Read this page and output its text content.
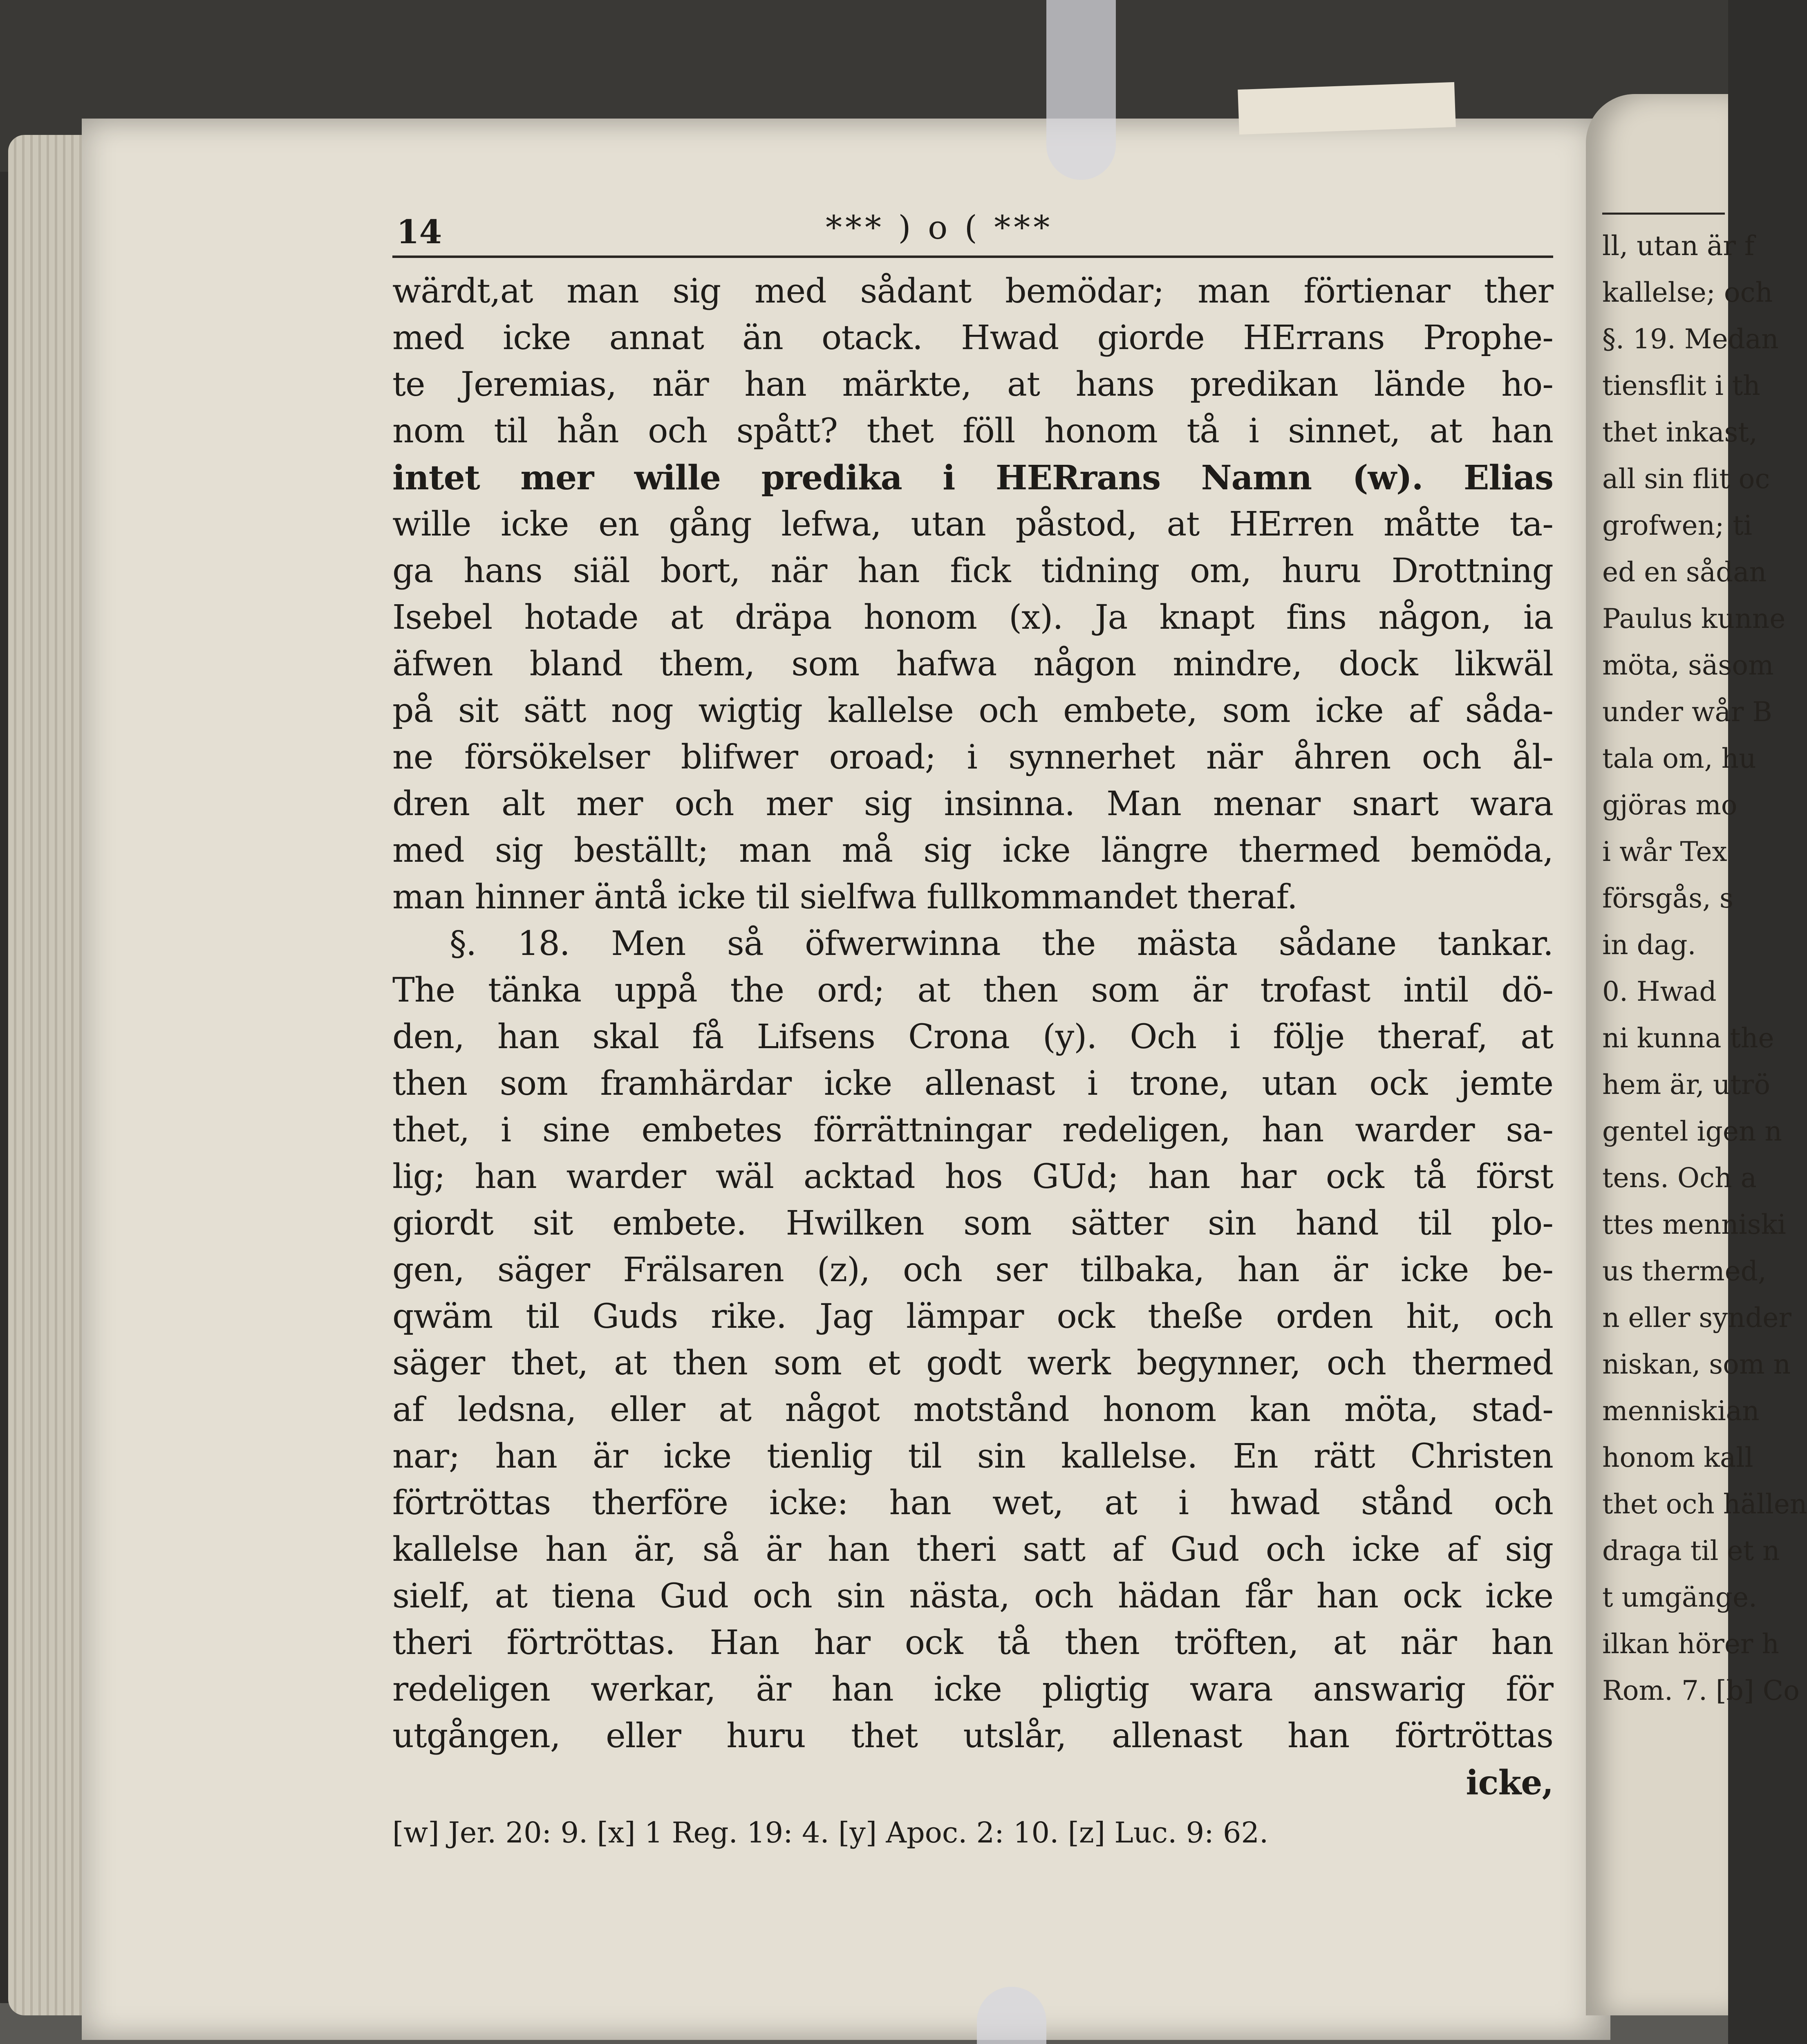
14	*** ) o ( ***
wärdt,at man sig med sådant bemödar; man förtienar ther
med icke annat än otack. Hwad giorde HErrans Prophe-
te Jeremias, när han märkte, at hans predikan lände ho-
nom til hån och spått? thet föll honom tå i sinnet, at han
intet mer wille predika i HERrans Namn (w). Elias
wille icke en gång lefwa, utan påstod, at HErren måtte ta-
ga hans siäl bort, när han fick tidning om, huru Drottning
Isebel hotade at dräpa honom (x). Ja knapt fins någon, ia
äfwen bland them, som hafwa någon mindre, dock likwäl
på sit sätt nog wigtig kallelse och embete, som icke af såda-
ne försökelser blifwer oroad; i synnerhet när åhren och ål-
dren alt mer och mer sig insinna. Man menar snart wara
med sig beställt; man må sig icke längre thermed bemöda,
man hinner äntå icke til sielfwa fullkommandet theraf.
§. 18. Men så öfwerwinna the mästa sådane tankar.
The tänka uppå the ord; at then som är trofast intil dö-
den, han skal få Lifsens Crona (y). Och i följe theraf, at
then som framhärdar icke allenast i trone, utan ock jemte
thet, i sine embetes förrättningar redeligen, han warder sa-
lig; han warder wäl acktad hos GUd; han har ock tå först
giordt sit embete. Hwilken som sätter sin hand til plo-
gen, säger Frälsaren (z), och ser tilbaka, han är icke be-
qwäm til Guds rike. Jag lämpar ock theße orden hit, och
säger thet, at then som et godt werk begynner, och thermed
af ledsna, eller at något motstånd honom kan möta, stad-
nar; han är icke tienlig til sin kallelse. En rätt Christen
förtröttas therföre icke: han wet, at i hwad stånd och
kallelse han är, så är han theri satt af Gud och icke af sig
sielf, at tiena Gud och sin nästa, och hädan får han ock icke
theri förtröttas. Han har ock tå then tröften, at när han
redeligen werkar, är han icke pligtig wara answarig för
utgången, eller huru thet utslår, allenast han förtröttas
icke,
[w] Jer. 20: 9. [x] 1 Reg. 19: 4. [y] Apoc. 2: 10. [z] Luc. 9: 62.
ll, utan är f
kallelse; och
§. 19. Medan
tiensflit i th
thet inkast,
all sin flit oc
grofwen; ti
ed en sådan
Paulus kunne
möta, säsom
under wår B
tala om, hu
gjöras mo
i wår Tex
försgås, s
in dag.
0. Hwad
ni kunna the
hem är, utrö
gentel igen n
tens. Och a
ttes menniski
us thermed,
n eller synder
niskan, som n
menniskian
honom kall
thet och hällen
draga til et n
t umgänge.
ilkan hörer h
Rom. 7. [b] Co
